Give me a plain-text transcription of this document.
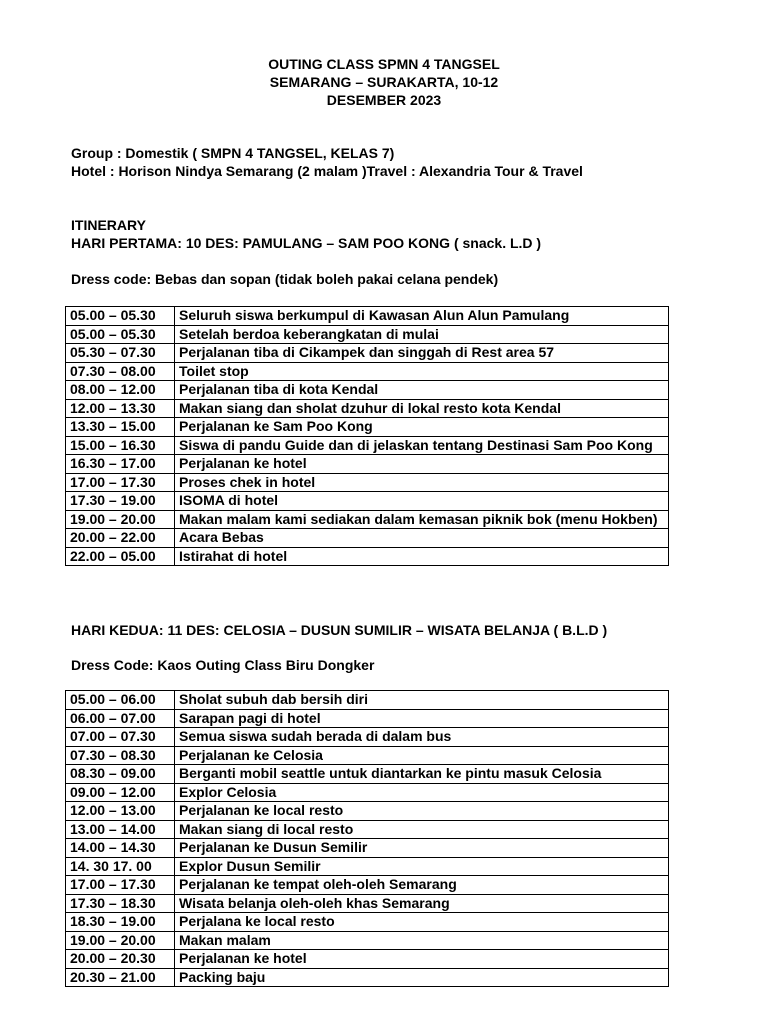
OUTING CLASS SPMN 4 TANGSEL
SEMARANG – SURAKARTA, 10-12
DESEMBER 2023
Group : Domestik ( SMPN 4 TANGSEL, KELAS 7)
Hotel : Horison Nindya Semarang (2 malam )Travel : Alexandria Tour & Travel
ITINERARY
HARI PERTAMA: 10 DES: PAMULANG – SAM POO KONG ( snack. L.D )
Dress code: Bebas dan sopan (tidak boleh pakai celana pendek)
05.00 – 05.30	Seluruh siswa berkumpul di Kawasan Alun Alun Pamulang
05.00 – 05.30	Setelah berdoa keberangkatan di mulai
05.30 – 07.30	Perjalanan tiba di Cikampek dan singgah di Rest area 57
07.30 – 08.00	Toilet stop
08.00 – 12.00	Perjalanan tiba di kota Kendal
12.00 – 13.30	Makan siang dan sholat dzuhur di lokal resto kota Kendal
13.30 – 15.00	Perjalanan ke Sam Poo Kong
15.00 – 16.30	Siswa di pandu Guide dan di jelaskan tentang Destinasi Sam Poo Kong
16.30 – 17.00	Perjalanan ke hotel
17.00 – 17.30	Proses chek in hotel
17.30 – 19.00	ISOMA di hotel
19.00 – 20.00	Makan malam kami sediakan dalam kemasan piknik bok (menu Hokben)
20.00 – 22.00	Acara Bebas
22.00 – 05.00	Istirahat di hotel
HARI KEDUA: 11 DES: CELOSIA – DUSUN SUMILIR – WISATA BELANJA ( B.L.D )
Dress Code: Kaos Outing Class Biru Dongker
05.00 – 06.00	Sholat subuh dab bersih diri
06.00 – 07.00	Sarapan pagi di hotel
07.00 – 07.30	Semua siswa sudah berada di dalam bus
07.30 – 08.30	Perjalanan ke Celosia
08.30 – 09.00	Berganti mobil seattle untuk diantarkan ke pintu masuk Celosia
09.00 – 12.00	Explor Celosia
12.00 – 13.00	Perjalanan ke local resto
13.00 – 14.00	Makan siang di local resto
14.00 – 14.30	Perjalanan ke Dusun Semilir
14. 30 17. 00	Explor Dusun Semilir
17.00 – 17.30	Perjalanan ke tempat oleh-oleh Semarang
17.30 – 18.30	Wisata belanja oleh-oleh khas Semarang
18.30 – 19.00	Perjalana ke local resto
19.00 – 20.00	Makan malam
20.00 – 20.30	Perjalanan ke hotel
20.30 – 21.00	Packing baju
